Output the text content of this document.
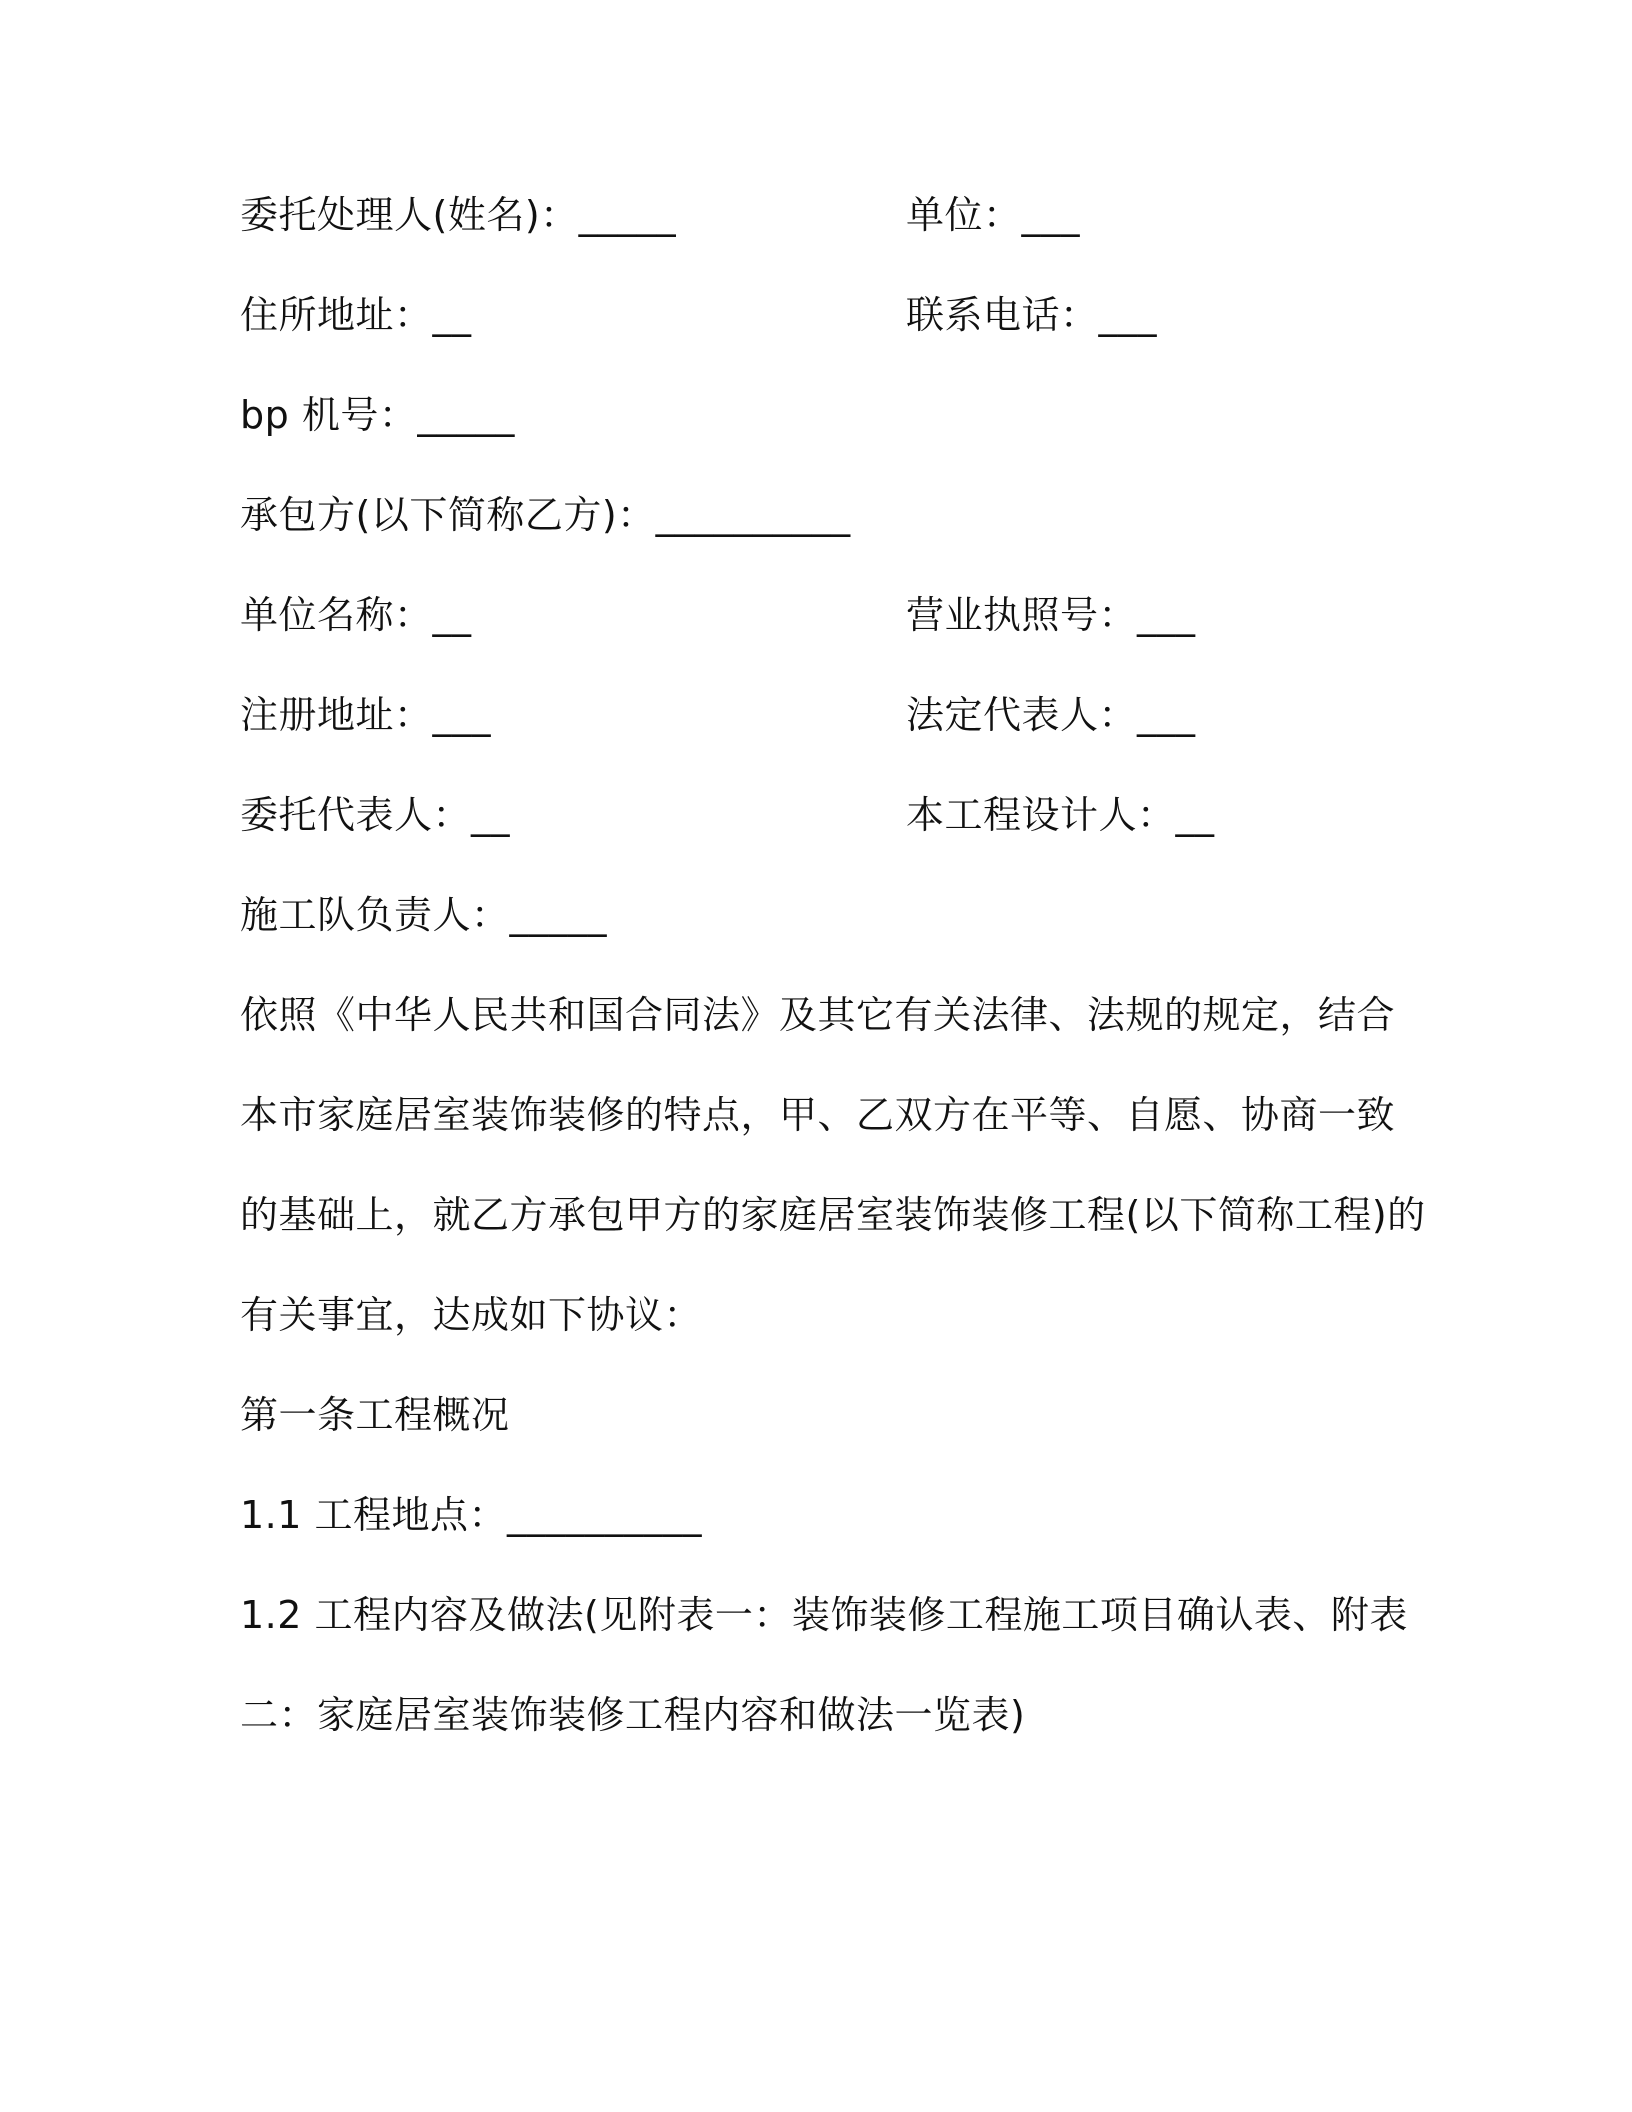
委托处理人(姓名)：_____	单位：___
住所地址：__	联系电话：___
bp 机号：_____
承包方(以下简称乙方)：__________
单位名称：__	营业执照号：___
注册地址：___	法定代表人：___
委托代表人：__	本工程设计人：__
施工队负责人：_____
依照《中华人民共和国合同法》及其它有关法律、法规的规定，结合
本市家庭居室装饰装修的特点，甲、乙双方在平等、自愿、协商一致
的基础上，就乙方承包甲方的家庭居室装饰装修工程(以下简称工程)的
有关事宜，达成如下协议：
第一条工程概况
1.1 工程地点：__________
1.2 工程内容及做法(见附表一：装饰装修工程施工项目确认表、附表
二：家庭居室装饰装修工程内容和做法一览表)
